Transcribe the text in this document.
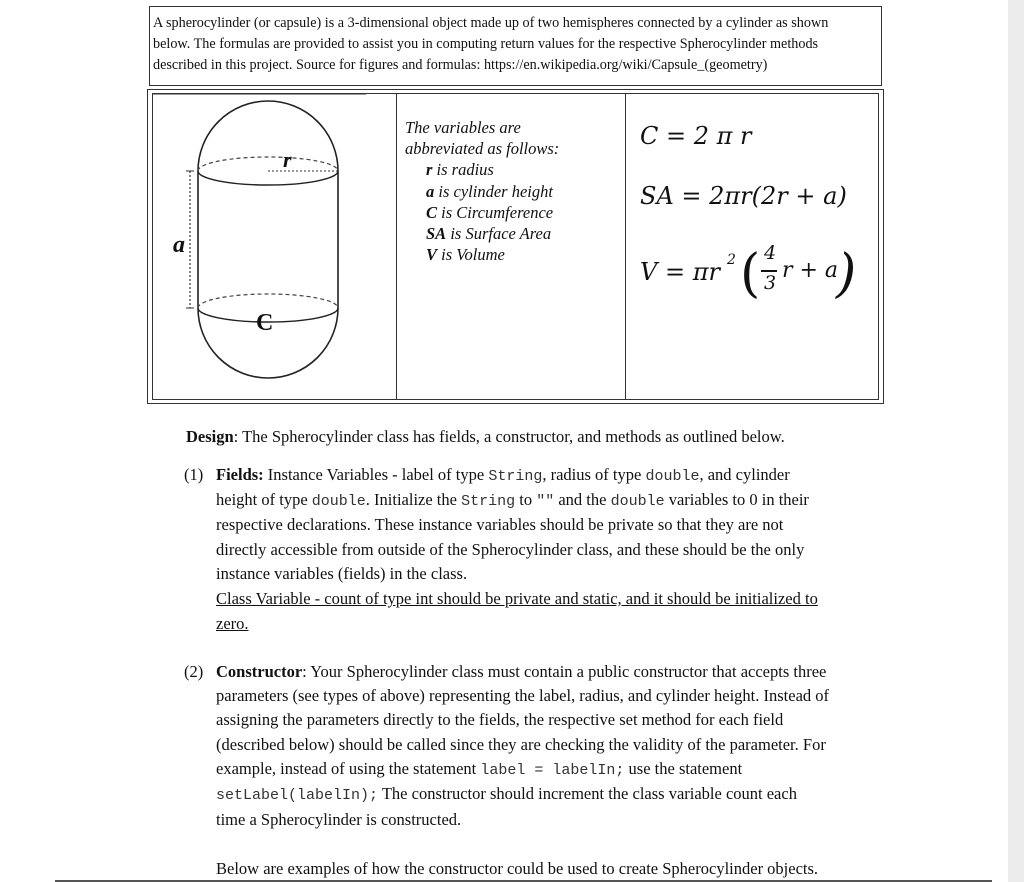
A spherocylinder (or capsule) is a 3-dimensional object made up of two hemispheres connected by a cylinder as shown
below. The formulas are provided to assist you in computing return values for the respective Spherocylinder methods
described in this project. Source for figures and formulas: https://en.wikipedia.org/wiki/Capsule_(geometry)
r
a
C
The variables are
abbreviated as follows:
r is radius
a is cylinder height
C is Circumference
SA is Surface Area
V is Volume
C = 2 π r
SA = 2πr(2r + a)
V = πr 2 ( 4
3 r + a
)
Design: The Spherocylinder class has fields, a constructor, and methods as outlined below.
(1) Fields: Instance Variables - label of type String, radius of type double, and cylinder
height of type double. Initialize the String to "" and the double variables to 0 in their
respective declarations. These instance variables should be private so that they are not
directly accessible from outside of the Spherocylinder class, and these should be the only
instance variables (fields) in the class.
Class Variable - count of type int should be private and static, and it should be initialized to
zero.
(2) Constructor: Your Spherocylinder class must contain a public constructor that accepts three
parameters (see types of above) representing the label, radius, and cylinder height. Instead of
assigning the parameters directly to the fields, the respective set method for each field
(described below) should be called since they are checking the validity of the parameter. For
example, instead of using the statement label = labelIn; use the statement
setLabel(labelIn); The constructor should increment the class variable count each
time a Spherocylinder is constructed.
Below are examples of how the constructor could be used to create Spherocylinder objects.
